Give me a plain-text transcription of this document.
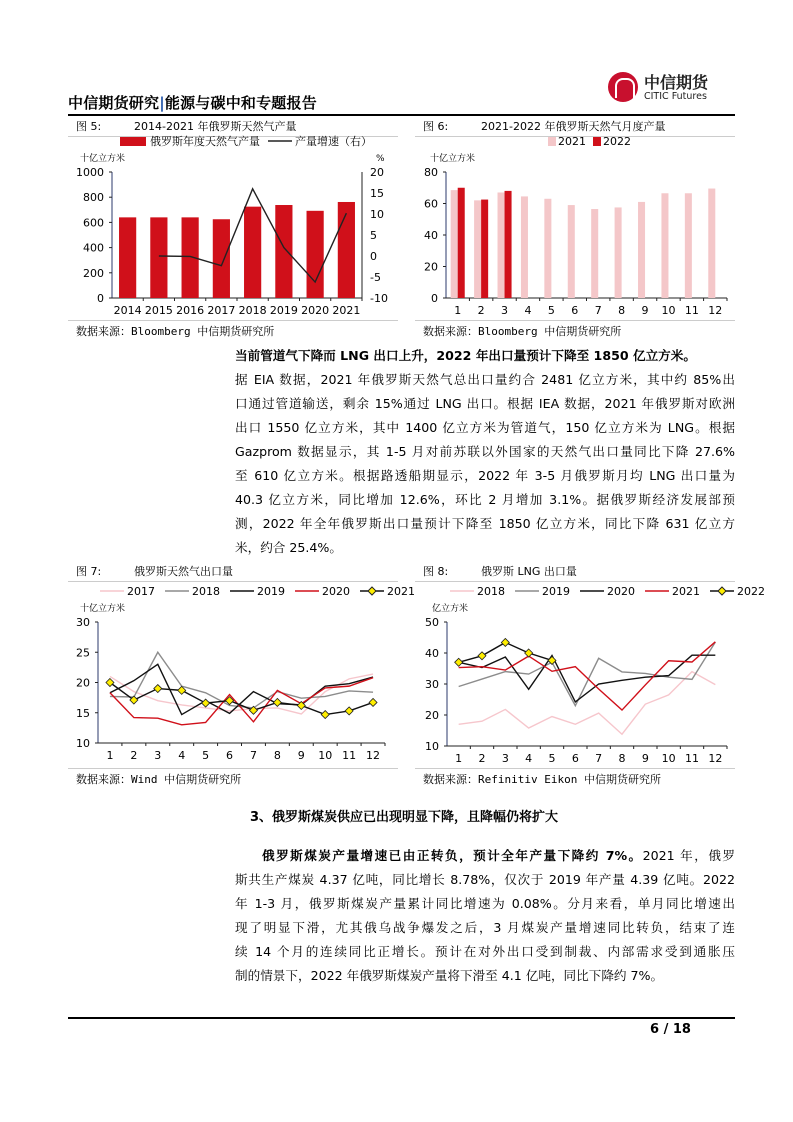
中信期货研究|能源与碳中和专题报告
中信期货
CITIC Futures
图 5:	2014-2021 年俄罗斯天然气产量	图 6:	2021-2022 年俄罗斯天然气月度产量
数据来源：Bloomberg 中信期货研究所	数据来源：Bloomberg 中信期货研究所
0
200
400
600
800
1000
2014 2015 2016 2017 2018 2019 2020 2021
十亿立方米
-10
-5
0
5
10
15
20
%
俄罗斯年度天然气产量	产量增速（右）
0
20
40
60
80
1 2 3 4 5 6 7 8 9 10 11 12
十亿立方米
2021 2022
当前管道气下降而 LNG 出口上升，2022 年出口量预计下降至 1850 亿立方米。
据 EIA 数据，2021 年俄罗斯天然气总出口量约合 2481 亿立方米，其中约 85%出
口通过管道输送，剩余 15%通过 LNG 出口。根据 IEA 数据，2021 年俄罗斯对欧洲
出口 1550 亿立方米，其中 1400 亿立方米为管道气，150 亿立方米为 LNG。根据
Gazprom 数据显示，其 1-5 月对前苏联以外国家的天然气出口量同比下降 27.6%
至 610 亿立方米。根据路透船期显示，2022 年 3-5 月俄罗斯月均 LNG 出口量为
40.3 亿立方米，同比增加 12.6%，环比 2 月增加 3.1%。据俄罗斯经济发展部预
测，2022 年全年俄罗斯出口量预计下降至 1850 亿立方米，同比下降 631 亿立方
米，约合 25.4%。
图 7:	俄罗斯天然气出口量	图 8:	俄罗斯 LNG 出口量
数据来源：Wind 中信期货研究所	数据来源：Refinitiv Eikon 中信期货研究所
10
15
20
25
30
1 2 3 4 5 6 7 8 9 10 11 12
十亿立方米
2017	2018	2019	2020	2021
10
20
30
40
50
1 2 3 4 5 6 7 8 9 10 11 12
亿立方米
2018	2019	2020	2021	2022
3、俄罗斯煤炭供应已出现明显下降，且降幅仍将扩大
俄罗斯煤炭产量增速已由正转负，预计全年产量下降约 7%。2021 年，俄罗
斯共生产煤炭 4.37 亿吨，同比增长 8.78%，仅次于 2019 年产量 4.39 亿吨。2022
年 1-3 月，俄罗斯煤炭产量累计同比增速为 0.08%。分月来看，单月同比增速出
现了明显下滑，尤其俄乌战争爆发之后，3 月煤炭产量增速同比转负，结束了连
续 14 个月的连续同比正增长。预计在对外出口受到制裁、内部需求受到通胀压
制的情景下，2022 年俄罗斯煤炭产量将下滑至 4.1 亿吨，同比下降约 7%。
6 / 18
